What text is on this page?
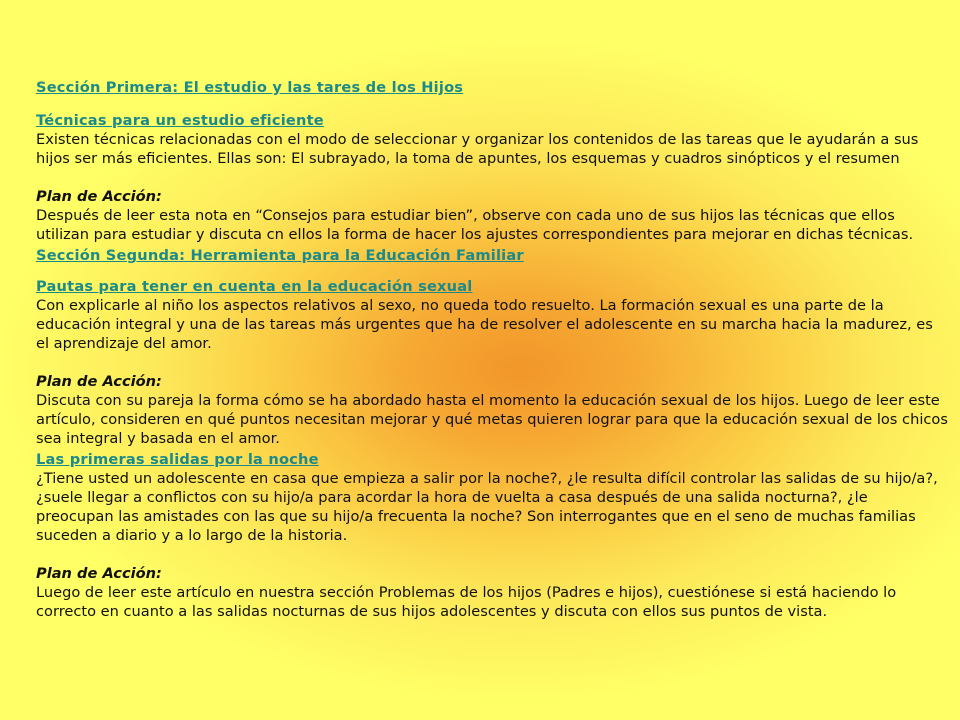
Sección Primera: El estudio y las tares de los Hijos
Técnicas para un estudio eficiente

Existen técnicas relacionadas con el modo de seleccionar y organizar los contenidos de las tareas que le ayudarán a sus hijos ser más eficientes. Ellas son: El subrayado, la toma de apuntes, los esquemas y cuadros sinópticos y el resumen

Plan de Acción:

Después de leer esta nota en “Consejos para estudiar bien”, observe con cada uno de sus hijos las técnicas que ellos utilizan para estudiar y discuta cn ellos la forma de hacer los ajustes correspondientes para mejorar en dichas técnicas.

Sección Segunda: Herramienta para la Educación Familiar
Pautas para tener en cuenta en la educación sexual

Con explicarle al niño los aspectos relativos al sexo, no queda todo resuelto. La formación sexual es una parte de la educación integral y una de las tareas más urgentes que ha de resolver el adolescente en su marcha hacia la madurez, es el aprendizaje del amor.

Plan de Acción:

Discuta con su pareja la forma cómo se ha abordado hasta el momento la educación sexual de los hijos. Luego de leer este artículo, consideren en qué puntos necesitan mejorar y qué metas quieren lograr para que la educación sexual de los chicos sea integral y basada en el amor.

Las primeras salidas por la noche

¿Tiene usted un adolescente en casa que empieza a salir por la noche?, ¿le resulta difícil controlar las salidas de su hijo/a?, ¿suele llegar a conflictos con su hijo/a para acordar la hora de vuelta a casa después de una salida nocturna?, ¿le preocupan las amistades con las que su hijo/a frecuenta la noche? Son interrogantes que en el seno de muchas familias suceden a diario y a lo largo de la historia.

Plan de Acción:

Luego de leer este artículo en nuestra sección Problemas de los hijos (Padres e hijos), cuestiónese si está haciendo lo correcto en cuanto a las salidas nocturnas de sus hijos adolescentes y discuta con ellos sus puntos de vista.
